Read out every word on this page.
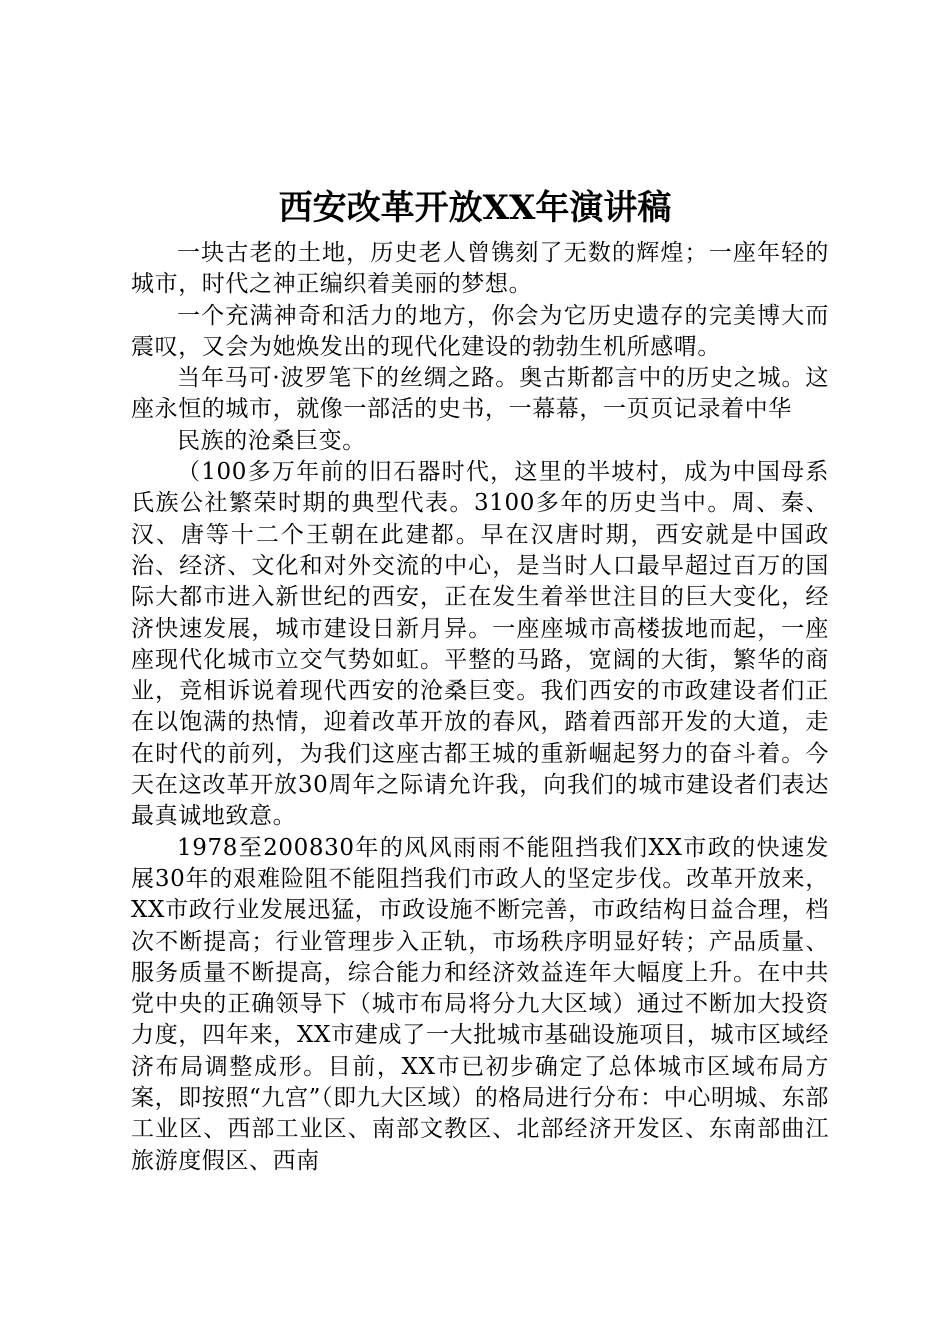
西安改革开放XX年演讲稿

一块古老的土地，历史老人曾镌刻了无数的辉煌；一座年轻的城市，时代之神正编织着美丽的梦想。

一个充满神奇和活力的地方，你会为它历史遗存的完美博大而震叹，又会为她焕发出的现代化建设的勃勃生机所感喟。

当年马可·波罗笔下的丝绸之路。奥古斯都言中的历史之城。这座永恒的城市，就像一部活的史书，一幕幕，一页页记录着中华

民族的沧桑巨变。

（100多万年前的旧石器时代，这里的半坡村，成为中国母系氏族公社繁荣时期的典型代表。3100多年的历史当中。周、秦、汉、唐等十二个王朝在此建都。早在汉唐时期，西安就是中国政治、经济、文化和对外交流的中心，是当时人口最早超过百万的国际大都市进入新世纪的西安，正在发生着举世注目的巨大变化，经济快速发展，城市建设日新月异。一座座城市高楼拔地而起，一座座现代化城市立交气势如虹。平整的马路，宽阔的大街，繁华的商业，竞相诉说着现代西安的沧桑巨变。我们西安的市政建设者们正在以饱满的热情，迎着改革开放的春风，踏着西部开发的大道，走在时代的前列，为我们这座古都王城的重新崛起努力的奋斗着。今天在这改革开放30周年之际请允许我，向我们的城市建设者们表达最真诚地致意。

1978至200830年的风风雨雨不能阻挡我们XX市政的快速发展30年的艰难险阻不能阻挡我们市政人的坚定步伐。改革开放来，XX市政行业发展迅猛，市政设施不断完善，市政结构日益合理，档次不断提高；行业管理步入正轨，市场秩序明显好转；产品质量、服务质量不断提高，综合能力和经济效益连年大幅度上升。在中共党中央的正确领导下（城市布局将分九大区域）通过不断加大投资力度，四年来，XX市建成了一大批城市基础设施项目，城市区域经济布局调整成形。目前，XX市已初步确定了总体城市区域布局方案，即按照“九宫”（即九大区域）的格局进行分布：中心明城、东部工业区、西部工业区、南部文教区、北部经济开发区、东南部曲江旅游度假区、西南
